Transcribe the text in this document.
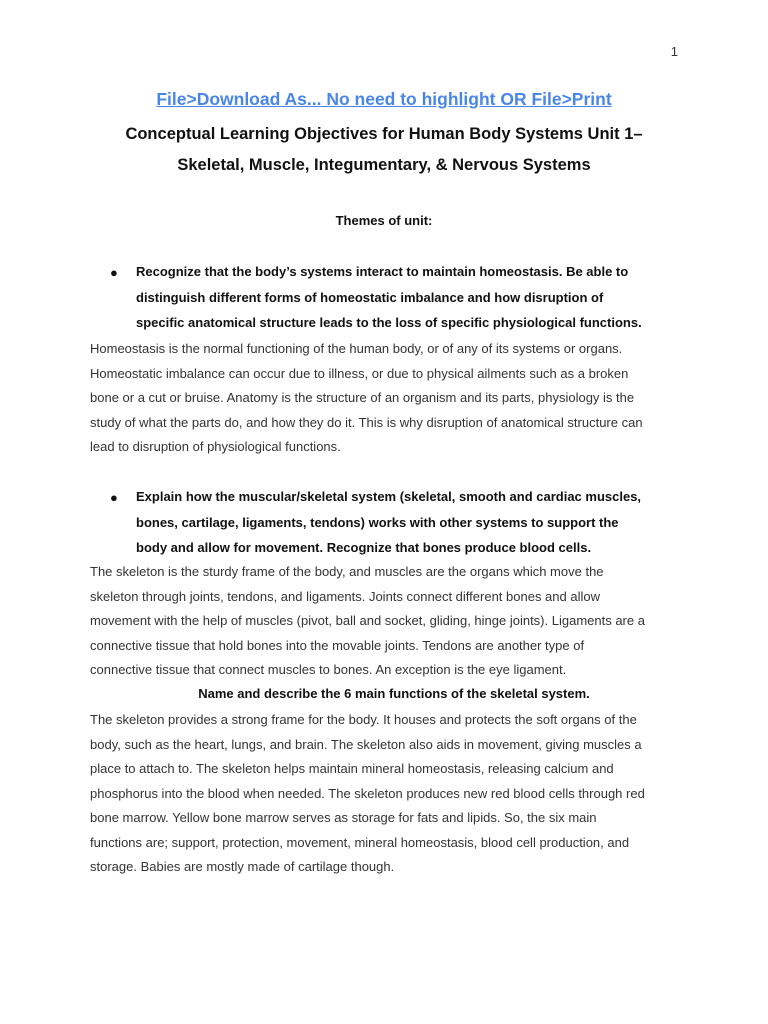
1
File>Download As... No need to highlight OR File>Print
Conceptual Learning Objectives for Human Body Systems Unit 1–
Skeletal, Muscle, Integumentary, & Nervous Systems
Themes of unit:
● Recognize that the body’s systems interact to maintain homeostasis. Be able to
distinguish different forms of homeostatic imbalance and how disruption of
specific anatomical structure leads to the loss of specific physiological functions.
Homeostasis is the normal functioning of the human body, or of any of its systems or organs.
Homeostatic imbalance can occur due to illness, or due to physical ailments such as a broken
bone or a cut or bruise. Anatomy is the structure of an organism and its parts, physiology is the
study of what the parts do, and how they do it. This is why disruption of anatomical structure can
lead to disruption of physiological functions.
● Explain how the muscular/skeletal system (skeletal, smooth and cardiac muscles,
bones, cartilage, ligaments, tendons) works with other systems to support the
body and allow for movement. Recognize that bones produce blood cells.
The skeleton is the sturdy frame of the body, and muscles are the organs which move the
skeleton through joints, tendons, and ligaments. Joints connect different bones and allow
movement with the help of muscles (pivot, ball and socket, gliding, hinge joints). Ligaments are a
connective tissue that hold bones into the movable joints. Tendons are another type of
connective tissue that connect muscles to bones. An exception is the eye ligament.
Name and describe the 6 main functions of the skeletal system.
The skeleton provides a strong frame for the body. It houses and protects the soft organs of the
body, such as the heart, lungs, and brain. The skeleton also aids in movement, giving muscles a
place to attach to. The skeleton helps maintain mineral homeostasis, releasing calcium and
phosphorus into the blood when needed. The skeleton produces new red blood cells through red
bone marrow. Yellow bone marrow serves as storage for fats and lipids. So, the six main
functions are; support, protection, movement, mineral homeostasis, blood cell production, and
storage. Babies are mostly made of cartilage though.
